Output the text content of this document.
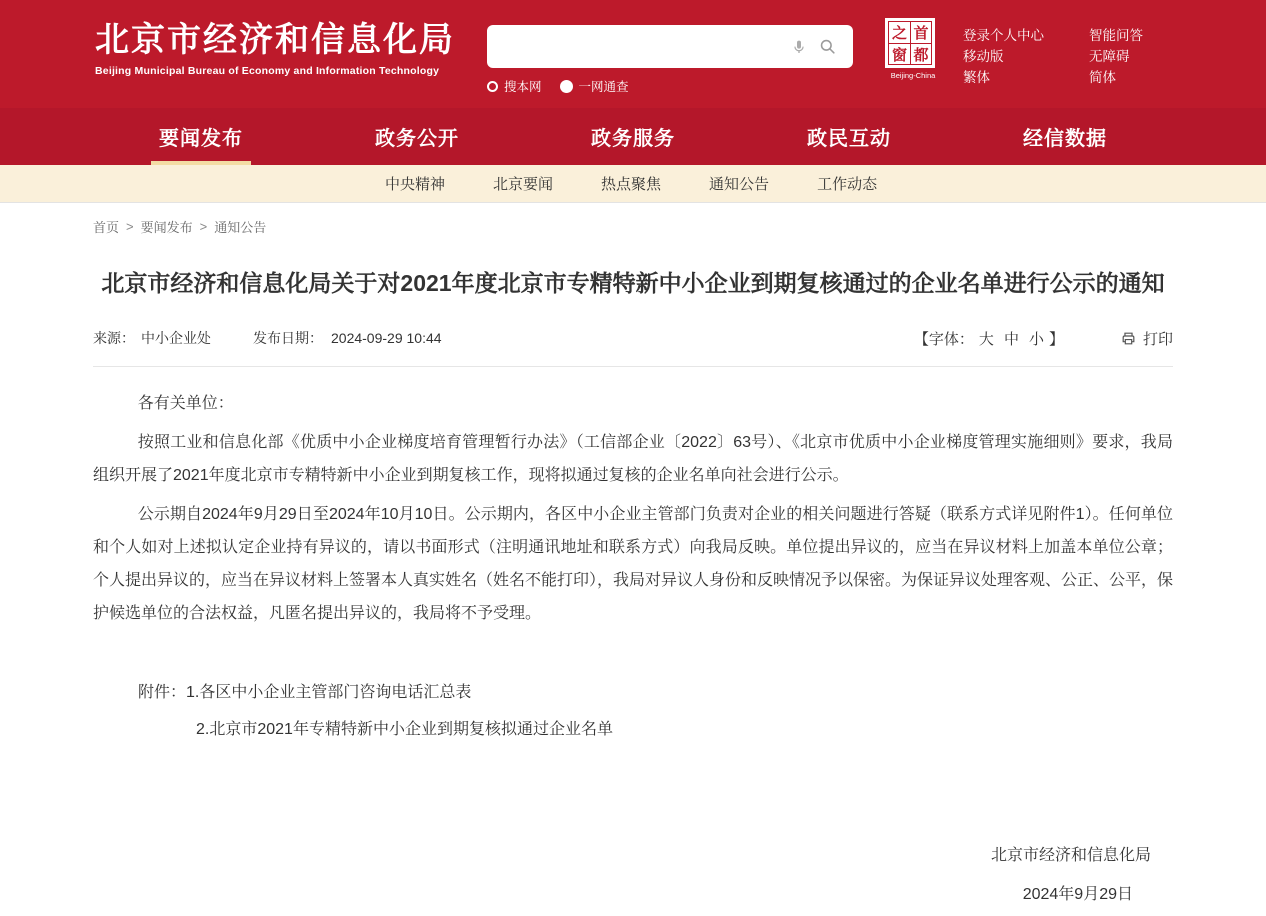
北京市经济和信息化局
Beijing Municipal Bureau of Economy and Information Technology
搜本网	一网通查
之 首
窗 都
Beijing-China
登录个人中心
移动版
繁体
智能问答
无障碍
简体
要闻发布	政务公开	政务服务	政民互动	经信数据
中央精神	北京要闻	热点聚焦	通知公告	工作动态
首页 > 要闻发布 > 通知公告
北京市经济和信息化局关于对2021年度北京市专精特新中小企业到期复核通过的企业名单进行公示的通知
来源： 中小企业处	发布日期： 2024-09-29 10:44	【字体： 大 中 小 】	打印

各有关单位：

按照工业和信息化部《优质中小企业梯度培育管理暂行办法》（工信部企业〔2022〕63号）、《北京市优质中小企业梯度管理实施细则》要求，我局组织开展了2021年度北京市专精特新中小企业到期复核工作，现将拟通过复核的企业名单向社会进行公示。

公示期自2024年9月29日至2024年10月10日。公示期内，各区中小企业主管部门负责对企业的相关问题进行答疑（联系方式详见附件1）。任何单位和个人如对上述拟认定企业持有异议的，请以书面形式（注明通讯地址和联系方式）向我局反映。单位提出异议的，应当在异议材料上加盖本单位公章；个人提出异议的，应当在异议材料上签署本人真实姓名（姓名不能打印），我局对异议人身份和反映情况予以保密。为保证异议处理客观、公正、公平，保护候选单位的合法权益，凡匿名提出异议的，我局将不予受理。

附件：1.各区中小企业主管部门咨询电话汇总表
2.北京市2021年专精特新中小企业到期复核拟通过企业名单
北京市经济和信息化局
2024年9月29日
